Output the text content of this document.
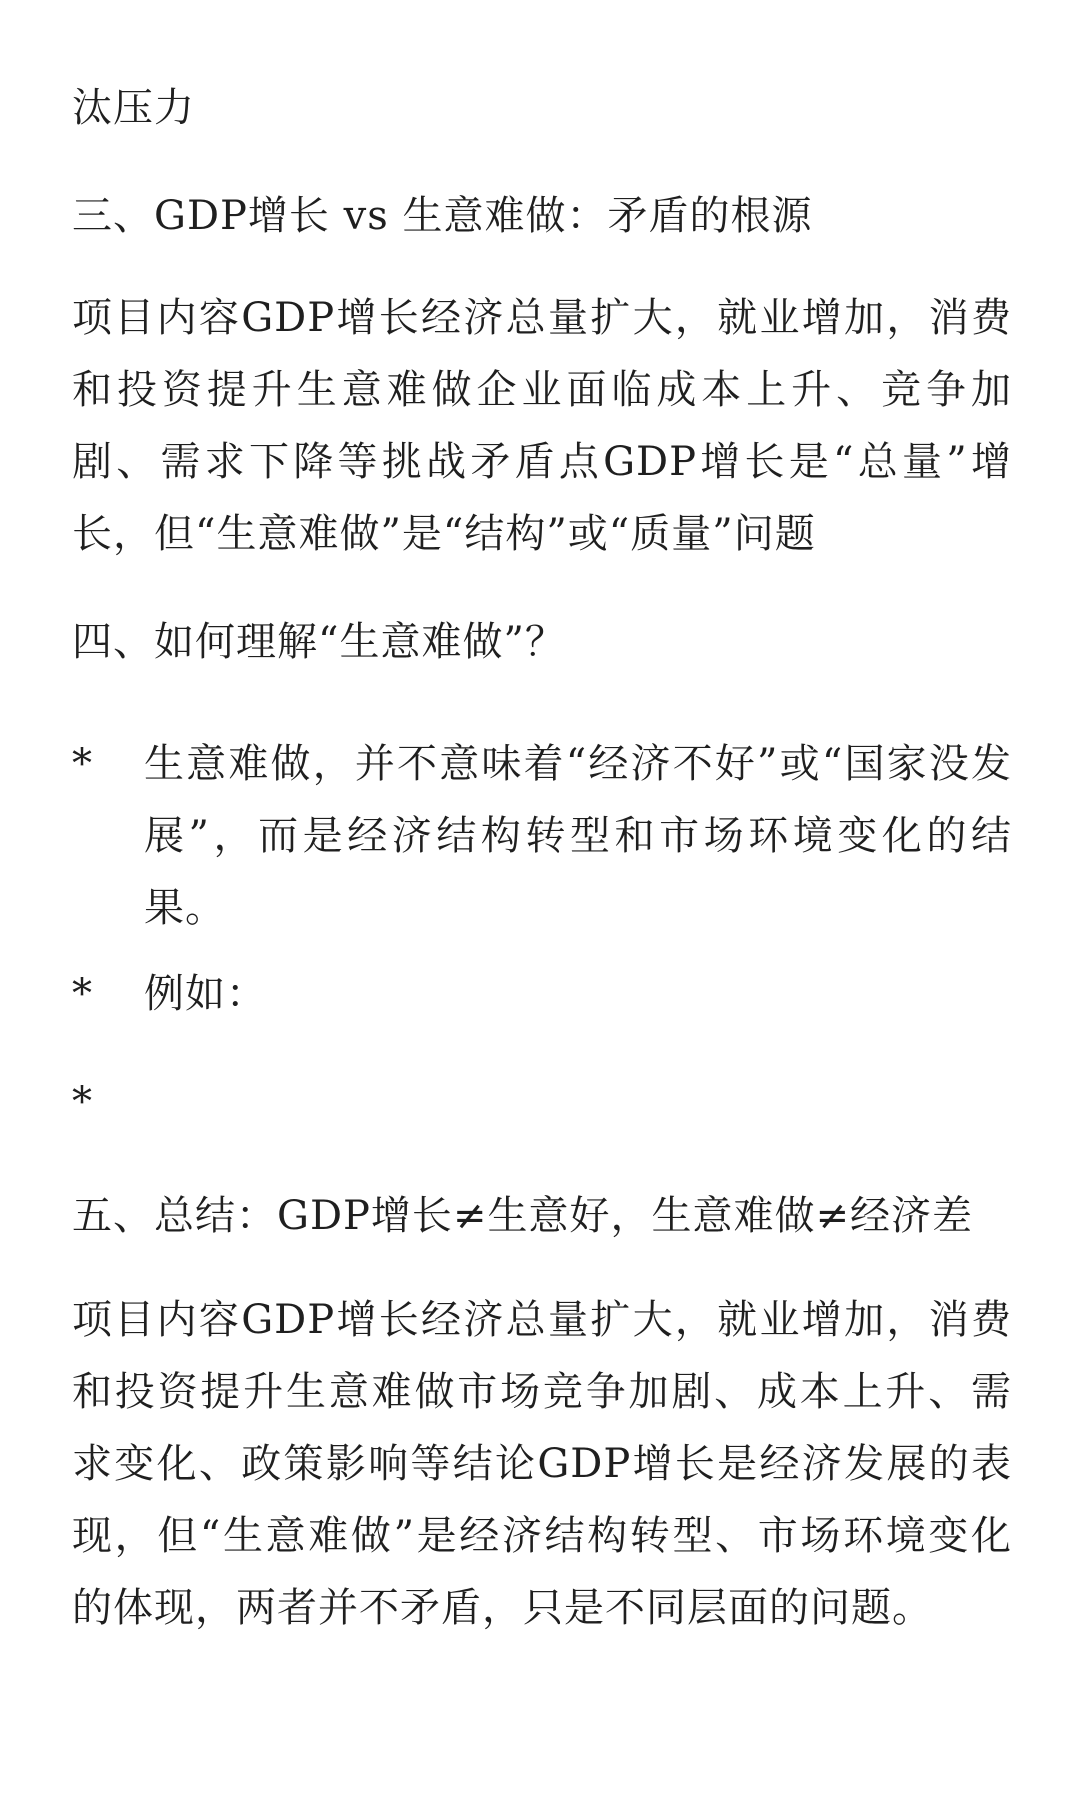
汰压力

三、GDP增长 vs 生意难做：矛盾的根源

项目内容GDP增长经济总量扩大，就业增加，消费和投资提升生意难做企业面临成本上升、竞争加剧、需求下降等挑战矛盾点GDP增长是“总量”增长，但“生意难做”是“结构”或“质量”问题

四、如何理解“生意难做”？

*	生意难做，并不意味着“经济不好”或“国家没发展”，而是经济结构转型和市场环境变化的结果。
*	例如：
*

五、总结：GDP增长≠生意好，生意难做≠经济差

项目内容GDP增长经济总量扩大，就业增加，消费和投资提升生意难做市场竞争加剧、成本上升、需求变化、政策影响等结论GDP增长是经济发展的表现，但“生意难做”是经济结构转型、市场环境变化的体现，两者并不矛盾，只是不同层面的问题。
